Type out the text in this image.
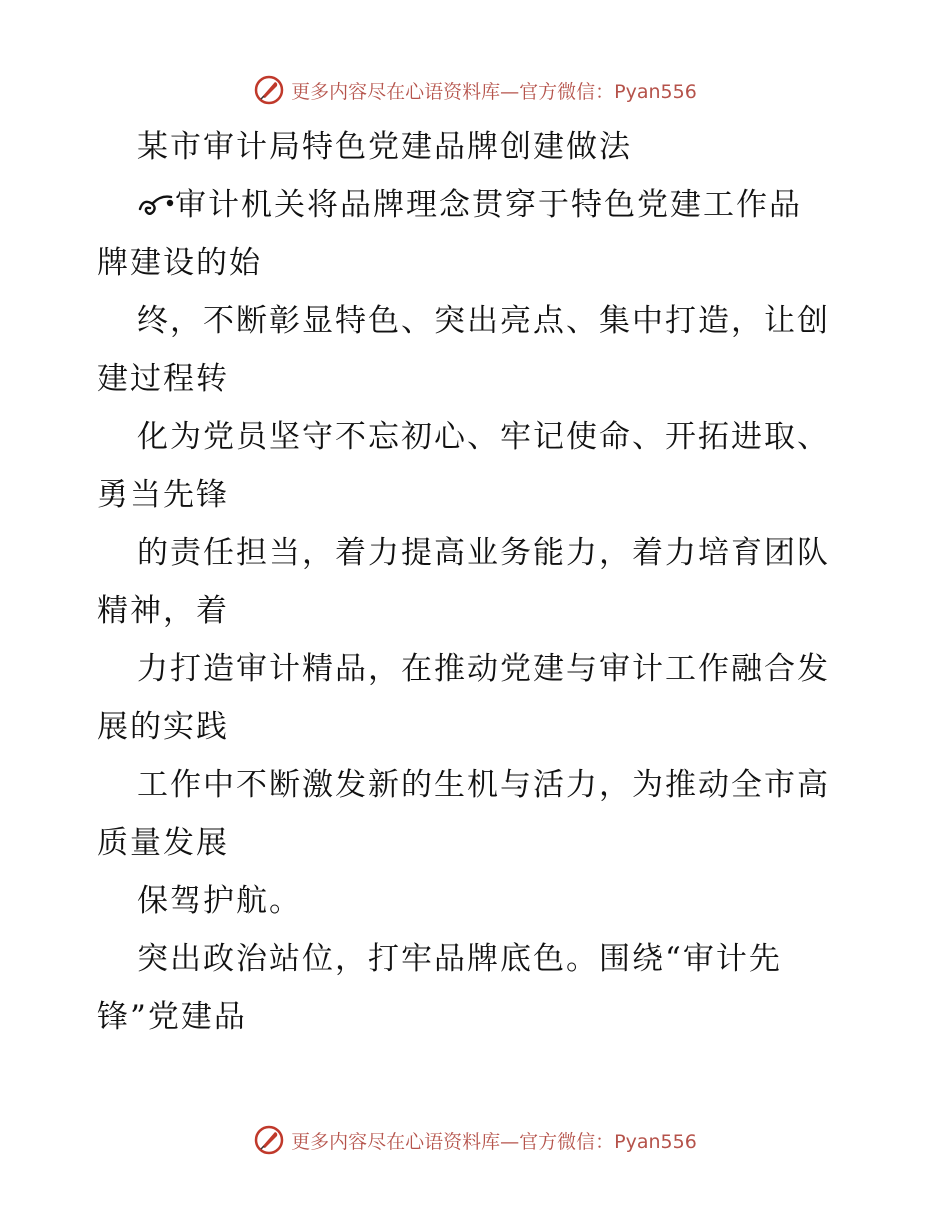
更多内容尽在心语资料库—官方微信：Pyan556
某市审计局特色党建品牌创建做法
审计机关将品牌理念贯穿于特色党建工作品
牌建设的始
终，不断彰显特色、突出亮点、集中打造，让创
建过程转
化为党员坚守不忘初心、牢记使命、开拓进取、
勇当先锋
的责任担当，着力提高业务能力，着力培育团队
精神，着
力打造审计精品，在推动党建与审计工作融合发
展的实践
工作中不断激发新的生机与活力，为推动全市高
质量发展
保驾护航。
突出政治站位，打牢品牌底色。围绕“审计先
锋”党建品
更多内容尽在心语资料库—官方微信：Pyan556
